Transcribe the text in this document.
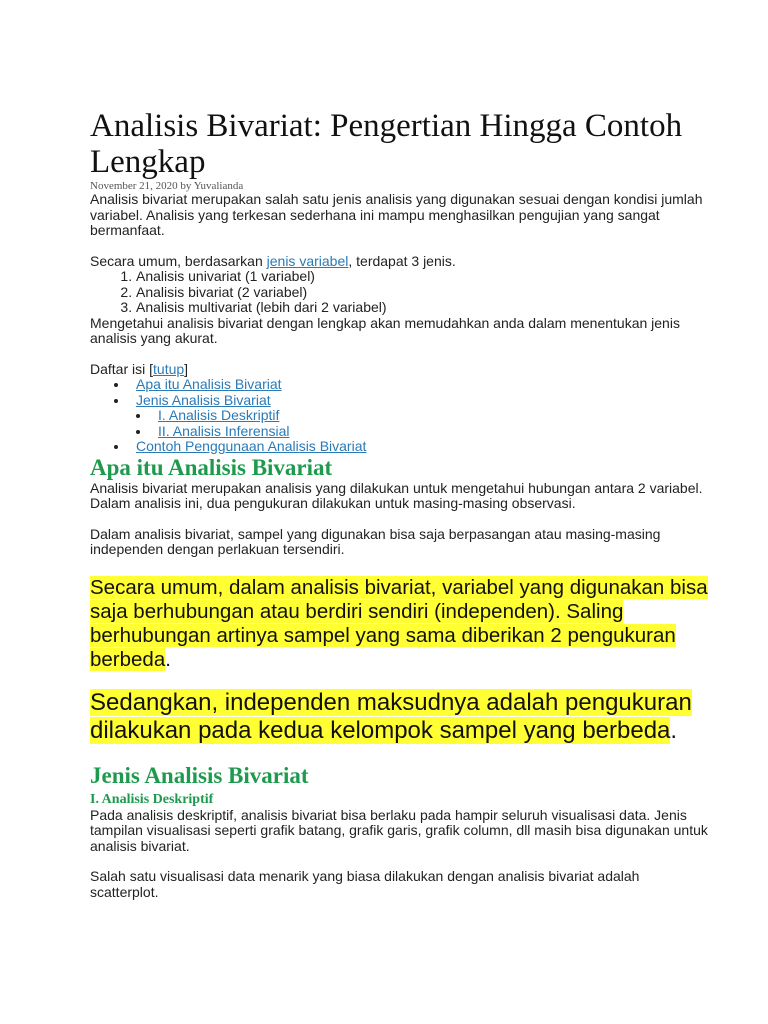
Analisis Bivariat: Pengertian Hingga Contoh Lengkap
November 21, 2020 by Yuvalianda

Analisis bivariat merupakan salah satu jenis analisis yang digunakan sesuai dengan kondisi jumlah variabel. Analisis yang terkesan sederhana ini mampu menghasilkan pengujian yang sangat bermanfaat.

Secara umum, berdasarkan jenis variabel, terdapat 3 jenis.

1. Analisis univariat (1 variabel)
2. Analisis bivariat (2 variabel)
3. Analisis multivariat (lebih dari 2 variabel)

Mengetahui analisis bivariat dengan lengkap akan memudahkan anda dalam menentukan jenis analisis yang akurat.

Daftar isi [tutup]

Apa itu Analisis Bivariat
Jenis Analisis Bivariat
I. Analisis Deskriptif
II. Analisis Inferensial
Contoh Penggunaan Analisis Bivariat
Apa itu Analisis Bivariat

Analisis bivariat merupakan analisis yang dilakukan untuk mengetahui hubungan antara 2 variabel. Dalam analisis ini, dua pengukuran dilakukan untuk masing-masing observasi.

Dalam analisis bivariat, sampel yang digunakan bisa saja berpasangan atau masing-masing independen dengan perlakuan tersendiri.

Secara umum, dalam analisis bivariat, variabel yang digunakan bisa saja berhubungan atau berdiri sendiri (independen). Saling berhubungan artinya sampel yang sama diberikan 2 pengukuran berbeda.

Sedangkan, independen maksudnya adalah pengukuran dilakukan pada kedua kelompok sampel yang berbeda.

Jenis Analisis Bivariat
I. Analisis Deskriptif

Pada analisis deskriptif, analisis bivariat bisa berlaku pada hampir seluruh visualisasi data. Jenis tampilan visualisasi seperti grafik batang, grafik garis, grafik column, dll masih bisa digunakan untuk analisis bivariat.

Salah satu visualisasi data menarik yang biasa dilakukan dengan analisis bivariat adalah scatterplot.
